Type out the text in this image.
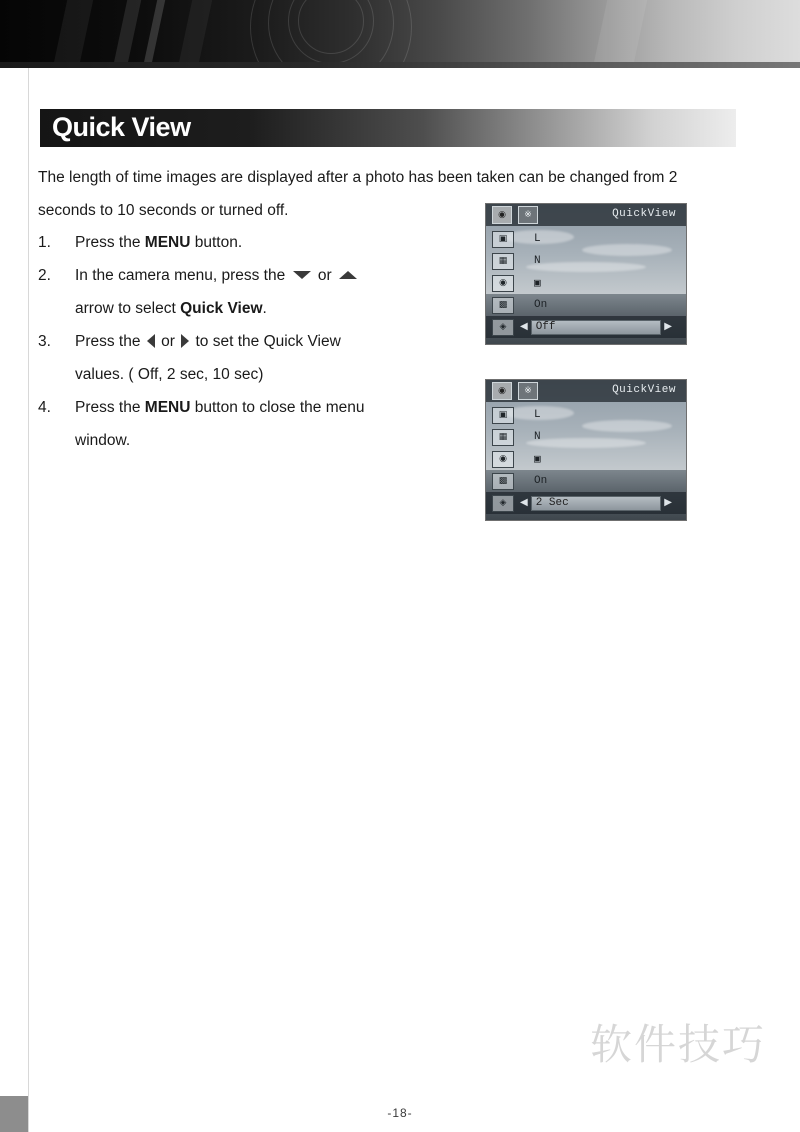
Quick View
The length of time images are displayed after a photo has been taken can be changed from 2 seconds to 10 seconds or turned off.
1.	Press the MENU button.
2.	In the camera menu, press the  or
arrow to select Quick View.
3.	Press the  or  to set the Quick View
values. ( Off, 2 sec, 10 sec)
4.	Press the MENU button to close the menu
window.
◉	※	QuickView
▣	L
▦	N
◉	▣
▩	On
◈	◀ Off	▶
◉	※	QuickView
▣	L
▦	N
◉	▣
▩	On
◈	◀ 2 Sec	▶
软件技巧
-18-
